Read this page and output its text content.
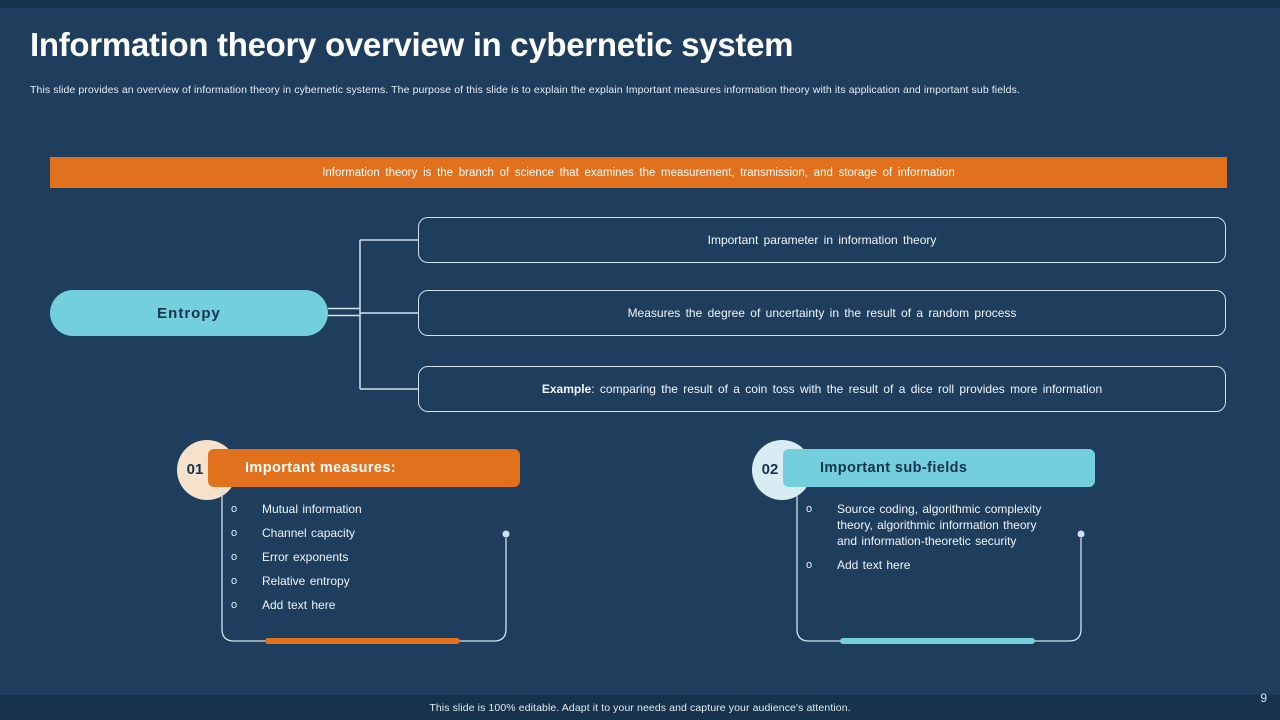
Information theory overview in cybernetic system
This slide provides an overview of information theory in cybernetic systems. The purpose of this slide is to explain the explain Important measures information theory with its application and important sub fields.
Information theory is the branch of science that examines the measurement, transmission, and storage of information
Entropy
Important parameter in information theory
Measures the degree of uncertainty in the result of a random process
Example: comparing the result of a coin toss with the result of a dice roll provides more information
01	Important measures:
o	Mutual information
o	Channel capacity
o	Error exponents
o	Relative entropy
o	Add text here
02	Important sub-fields
o	Source coding, algorithmic complexity theory, algorithmic information theory and information-theoretic security
o	Add text here
This slide is 100% editable. Adapt it to your needs and capture your audience's attention.
9
